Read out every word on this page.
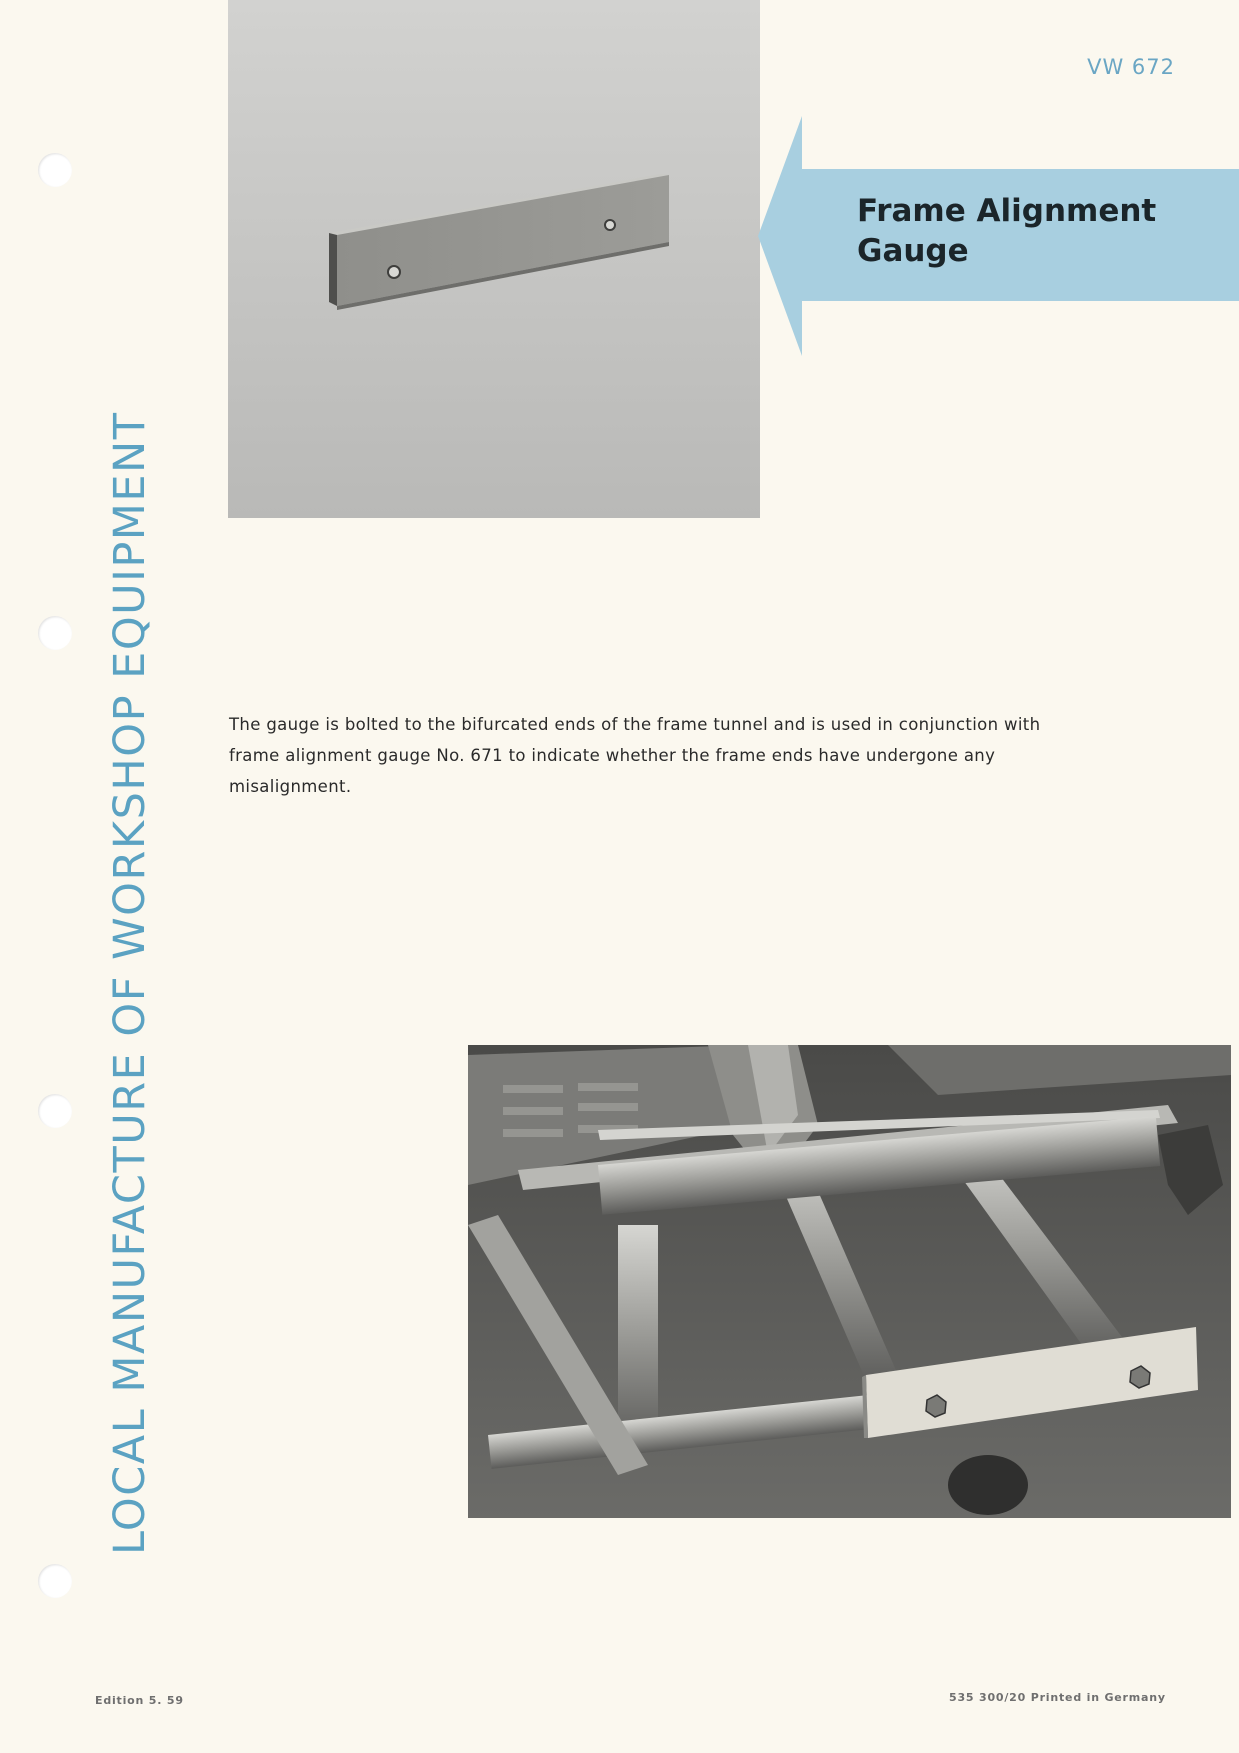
LOCAL MANUFACTURE OF WORKSHOP EQUIPMENT
VW 672
Frame Alignment
Gauge

The gauge is bolted to the bifurcated ends of the frame tunnel and is used in conjunction with frame alignment gauge No. 671 to indicate whether the frame ends have undergone any misalignment.

Edition 5. 59	535 300/20 Printed in Germany
